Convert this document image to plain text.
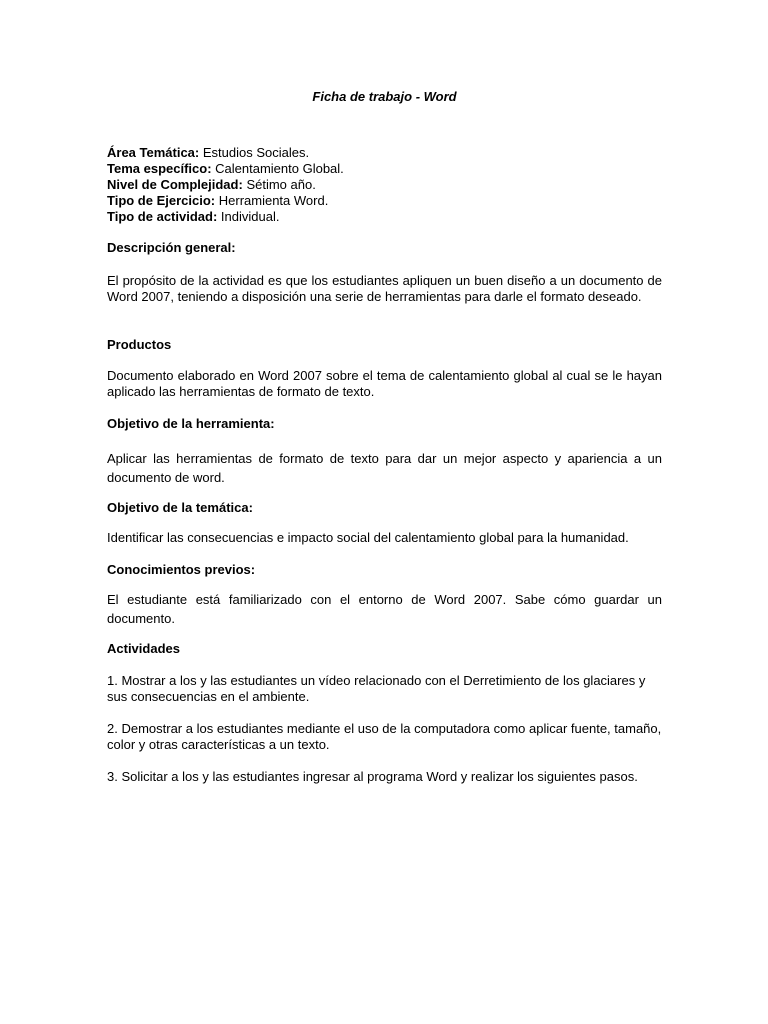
Ficha de trabajo - Word
Área Temática: Estudios Sociales.
Tema específico: Calentamiento Global.
Nivel de Complejidad: Sétimo año.
Tipo de Ejercicio: Herramienta Word.
Tipo de actividad: Individual.
Descripción general:
El propósito de la actividad es que los estudiantes apliquen un buen diseño a un documento de Word 2007, teniendo a disposición una serie de herramientas para darle el formato deseado.
Productos
Documento elaborado en Word 2007 sobre el tema de calentamiento global al cual se le hayan aplicado las herramientas de formato de texto.
Objetivo de la herramienta:
Aplicar las herramientas de formato de texto para dar un mejor aspecto y apariencia a un documento de word.
Objetivo de la temática:
Identificar las consecuencias e impacto social del calentamiento global para la humanidad.
Conocimientos previos:
El estudiante está familiarizado con el entorno de Word 2007. Sabe cómo guardar un documento.
Actividades
1. Mostrar a los y las estudiantes un vídeo relacionado con el Derretimiento de los glaciares y sus consecuencias en el ambiente.
2. Demostrar a los estudiantes mediante el uso de la computadora como aplicar fuente, tamaño, color y otras características a un texto.
3. Solicitar a los y las estudiantes ingresar al programa Word y realizar los siguientes pasos.
